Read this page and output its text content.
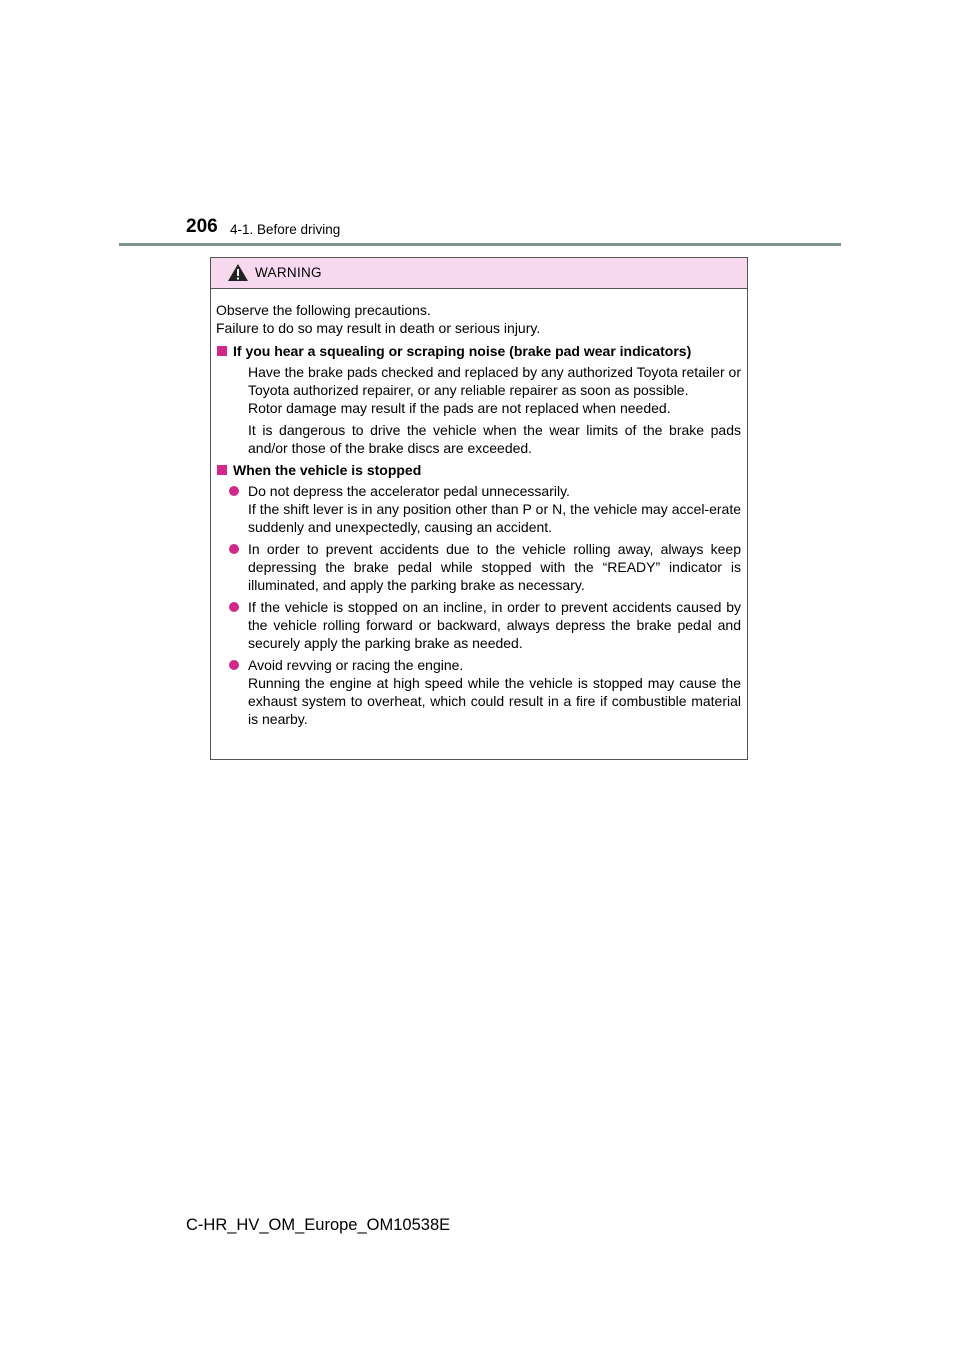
206 4-1. Before driving
WARNING
Observe the following precautions.
Failure to do so may result in death or serious injury.
If you hear a squealing or scraping noise (brake pad wear indicators)
Have the brake pads checked and replaced by any authorized Toyota retailer or Toyota authorized repairer, or any reliable repairer as soon as possible.
Rotor damage may result if the pads are not replaced when needed.
It is dangerous to drive the vehicle when the wear limits of the brake pads and/or those of the brake discs are exceeded.
When the vehicle is stopped
Do not depress the accelerator pedal unnecessarily.
If the shift lever is in any position other than P or N, the vehicle may accel-erate suddenly and unexpectedly, causing an accident.
In order to prevent accidents due to the vehicle rolling away, always keep depressing the brake pedal while stopped with the “READY” indicator is illuminated, and apply the parking brake as necessary.
If the vehicle is stopped on an incline, in order to prevent accidents caused by the vehicle rolling forward or backward, always depress the brake pedal and securely apply the parking brake as needed.
Avoid revving or racing the engine.
Running the engine at high speed while the vehicle is stopped may cause the exhaust system to overheat, which could result in a fire if combustible material is nearby.
C-HR_HV_OM_Europe_OM10538E
